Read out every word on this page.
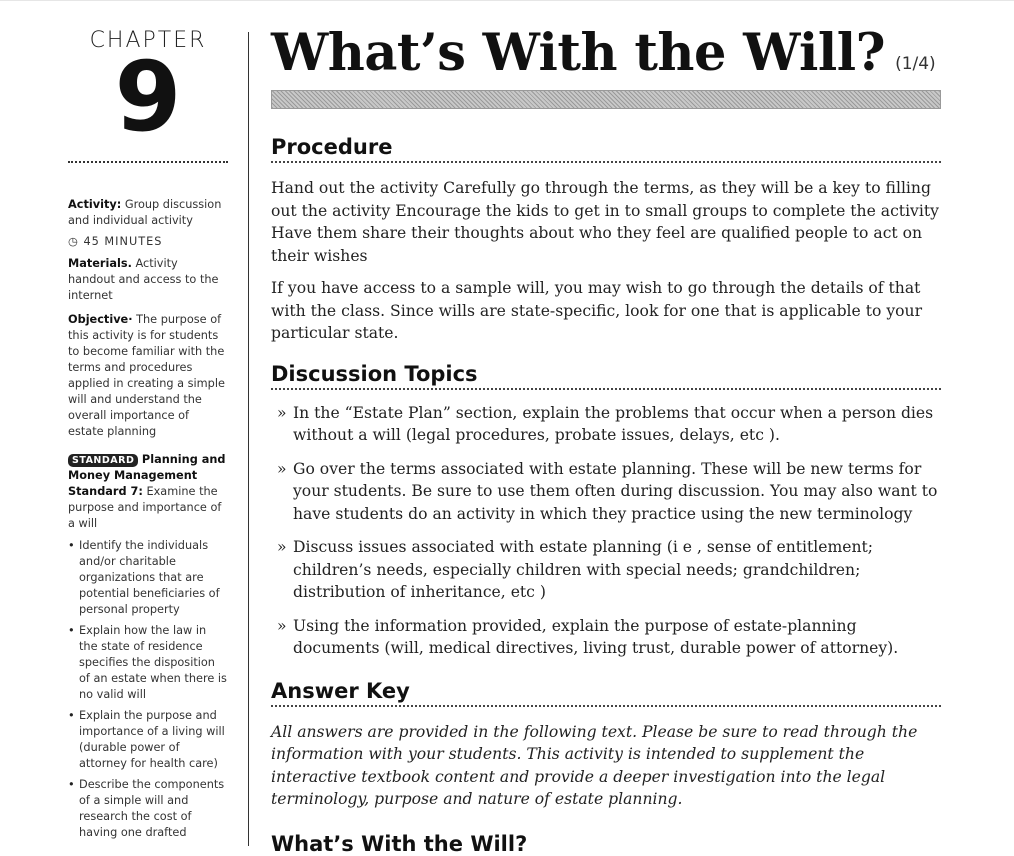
CHAPTER
9
Activity: Group discussion and individual activity
◷ 45 MINUTES
Materials. Activity handout and access to the internet
Objective· The purpose of this activity is for students to become familiar with the terms and procedures applied in creating a simple will and understand the overall importance of estate planning
STANDARD Planning and Money Management Standard 7: Examine the purpose and importance of a will
• Identify the individuals and/or charitable organizations that are potential beneficiaries of personal property
• Explain how the law in the state of residence specifies the disposition of an estate when there is no valid will
• Explain the purpose and importance of a living will (durable power of attorney for health care)
• Describe the components of a simple will and research the cost of having one drafted
What’s With the Will? (1/4)
Procedure

Hand out the activity Carefully go through the terms, as they will be a key to filling out the activity Encourage the kids to get in to small groups to complete the activity Have them share their thoughts about who they feel are qualified people to act on their wishes

If you have access to a sample will, you may wish to go through the details of that with the class. Since wills are state-specific, look for one that is applicable to your particular state.

Discussion Topics
» In the “Estate Plan” section, explain the problems that occur when a person dies without a will (legal procedures, probate issues, delays, etc ).
» Go over the terms associated with estate planning. These will be new terms for your students. Be sure to use them often during discussion. You may also want to have students do an activity in which they practice using the new terminology
» Discuss issues associated with estate planning (i e , sense of entitlement; children’s needs, especially children with special needs; grandchildren; distribution of inheritance, etc )
» Using the information provided, explain the purpose of estate-planning documents (will, medical directives, living trust, durable power of attorney).
Answer Key

All answers are provided in the following text. Please be sure to read through the information with your students. This activity is intended to supplement the interactive textbook content and provide a deeper investigation into the legal terminology, purpose and nature of estate planning.

What’s With the Will?
